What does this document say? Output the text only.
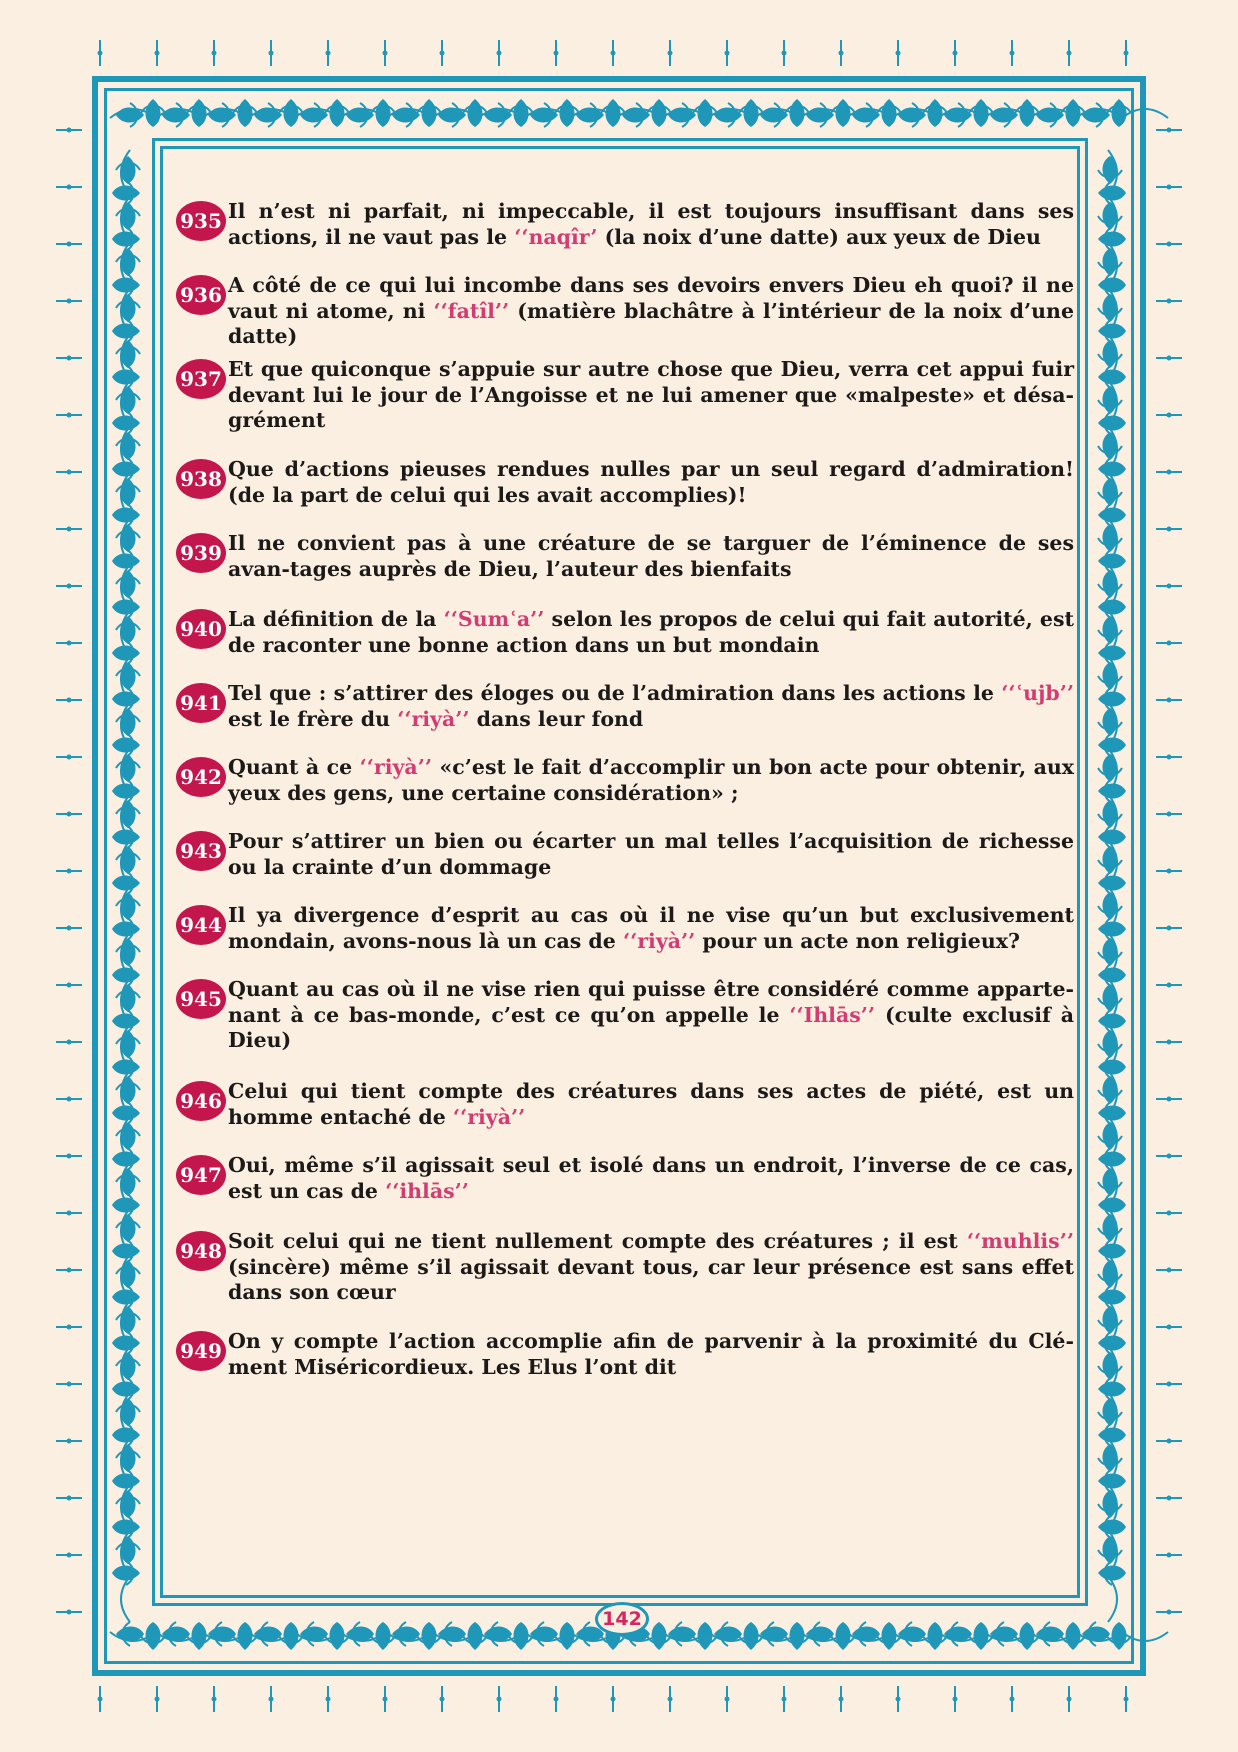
935 Il n’est ni parfait, ni impeccable, il est toujours insuffisant dans ses actions, il ne vaut pas le ‘‘naqîr’ (la noix d’une datte) aux yeux de Dieu
936 A côté de ce qui lui incombe dans ses devoirs envers Dieu eh quoi? il ne vaut ni atome, ni ‘‘fatîl’’ (matière blachâtre à l’intérieur de la noix d’une datte)
937 Et que quiconque s’appuie sur autre chose que Dieu, verra cet appui fuir devant lui le jour de l’Angoisse et ne lui amener que «malpeste» et désa-grément
938 Que d’actions pieuses rendues nulles par un seul regard d’admiration! (de la part de celui qui les avait accomplies)!
939 Il ne convient pas à une créature de se targuer de l’éminence de ses avan-tages auprès de Dieu, l’auteur des bienfaits
940 La définition de la ‘‘Sumʿa’’ selon les propos de celui qui fait autorité, est de raconter une bonne action dans un but mondain
941 Tel que : s’attirer des éloges ou de l’admiration dans les actions le ‘‘ʿujb’’ est le frère du ‘‘riyà’’ dans leur fond
942 Quant à ce ‘‘riyà’’ «c’est le fait d’accomplir un bon acte pour obtenir, aux yeux des gens, une certaine considération» ;
943 Pour s’attirer un bien ou écarter un mal telles l’acquisition de richesse ou la crainte d’un dommage
944 Il ya divergence d’esprit au cas où il ne vise qu’un but exclusivement mondain, avons-nous là un cas de ‘‘riyà’’ pour un acte non religieux?
945 Quant au cas où il ne vise rien qui puisse être considéré comme apparte-nant à ce bas-monde, c’est ce qu’on appelle le ‘‘Ihlās’’ (culte exclusif à Dieu)
946 Celui qui tient compte des créatures dans ses actes de piété, est un homme entaché de ‘‘riyà’’
947 Oui, même s’il agissait seul et isolé dans un endroit, l’inverse de ce cas, est un cas de ‘‘ihlās’’
948 Soit celui qui ne tient nullement compte des créatures ; il est ‘‘muhlis’’ (sincère) même s’il agissait devant tous, car leur présence est sans effet dans son cœur
949 On y compte l’action accomplie afin de parvenir à la proximité du Clé-ment Miséricordieux. Les Elus l’ont dit
142
